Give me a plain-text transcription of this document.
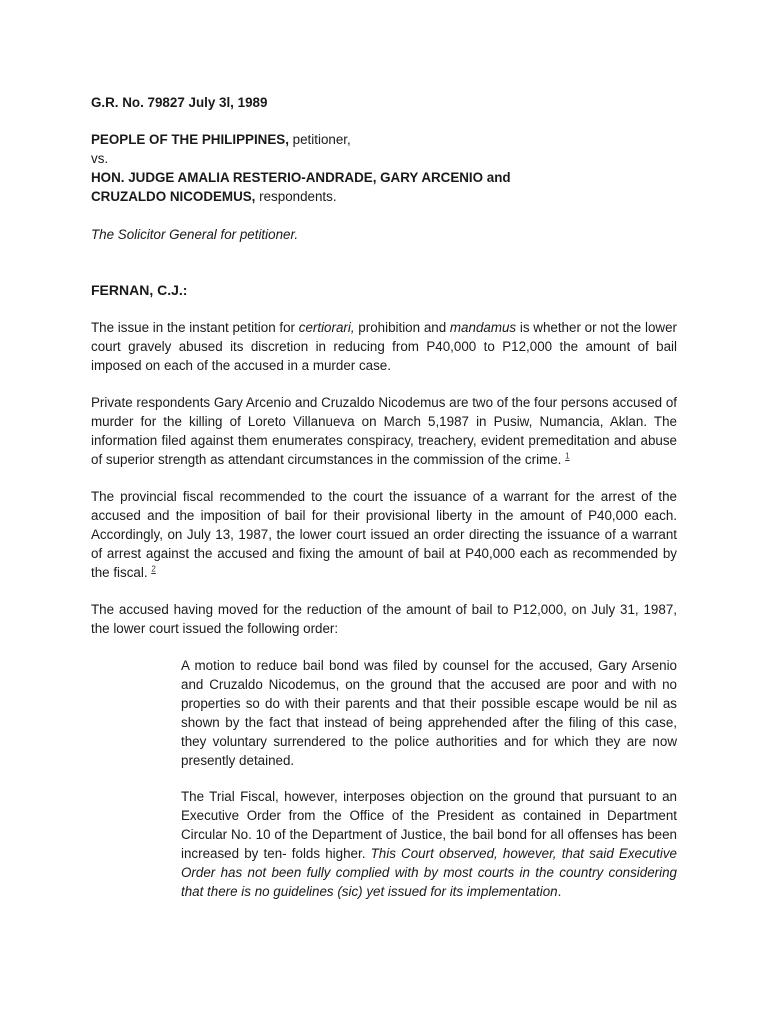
G.R. No. 79827 July 3l, 1989
PEOPLE OF THE PHILIPPINES, petitioner,
vs.
HON. JUDGE AMALIA RESTERIO-ANDRADE, GARY ARCENIO and CRUZALDO NICODEMUS, respondents.
The Solicitor General for petitioner.
FERNAN, C.J.:

The issue in the instant petition for certiorari, prohibition and mandamus is whether or not the lower court gravely abused its discretion in reducing from P40,000 to P12,000 the amount of bail imposed on each of the accused in a murder case.

Private respondents Gary Arcenio and Cruzaldo Nicodemus are two of the four persons accused of murder for the killing of Loreto Villanueva on March 5,1987 in Pusiw, Numancia, Aklan. The information filed against them enumerates conspiracy, treachery, evident premeditation and abuse of superior strength as attendant circumstances in the commission of the crime. $^1$

The provincial fiscal recommended to the court the issuance of a warrant for the arrest of the accused and the imposition of bail for their provisional liberty in the amount of P40,000 each. Accordingly, on July 13, 1987, the lower court issued an order directing the issuance of a warrant of arrest against the accused and fixing the amount of bail at P40,000 each as recommended by the fiscal. $^2$

The accused having moved for the reduction of the amount of bail to P12,000, on July 31, 1987, the lower court issued the following order:

A motion to reduce bail bond was filed by counsel for the accused, Gary Arsenio and Cruzaldo Nicodemus, on the ground that the accused are poor and with no properties so do with their parents and that their possible escape would be nil as shown by the fact that instead of being apprehended after the filing of this case, they voluntary surrendered to the police authorities and for which they are now presently detained.

The Trial Fiscal, however, interposes objection on the ground that pursuant to an Executive Order from the Office of the President as contained in Department Circular No. 10 of the Department of Justice, the bail bond for all offenses has been increased by ten- folds higher. This Court observed, however, that said Executive Order has not been fully complied with by most courts in the country considering that there is no guidelines (sic) yet issued for its implementation.
